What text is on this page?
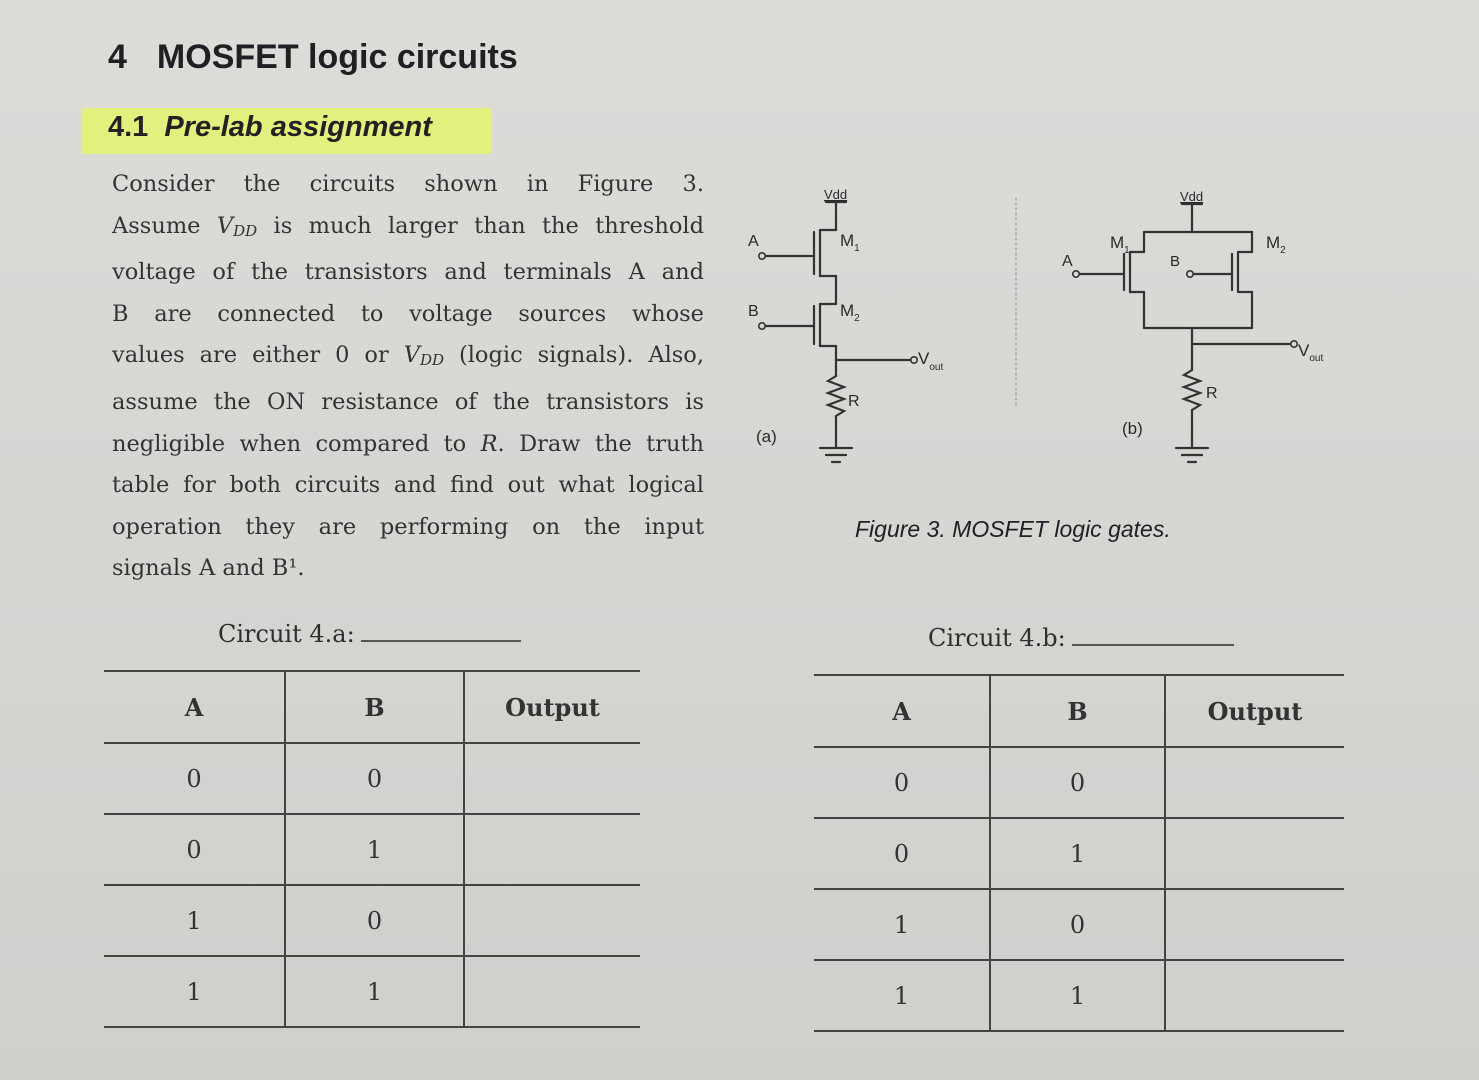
4 MOSFET logic circuits
4.1 Pre-lab assignment
Consider the circuits shown in Figure 3.
Assume $V_{DD}$ is much larger than the threshold
voltage of the transistors and terminals A and
B are connected to voltage sources whose
values are either 0 or $V_{DD}$ (logic signals). Also,
assume the ON resistance of the transistors is
negligible when compared to R. Draw the truth
table for both circuits and find out what logical
operation they are performing on the input
signals A and B¹.
Vdd
A
B
$M_1$
$M_2$
$V_{out}$
R
(a)
Vdd
A	B
$M_1$	$M_2$
$V_{out}$
R
(b)

Figure 3. MOSFET logic gates.

Circuit 4.a:
A	B	Output
0	0	
0	1	
1	0	
1	1	
Circuit 4.b:
A	B	Output
0	0	
0	1	
1	0	
1	1	
